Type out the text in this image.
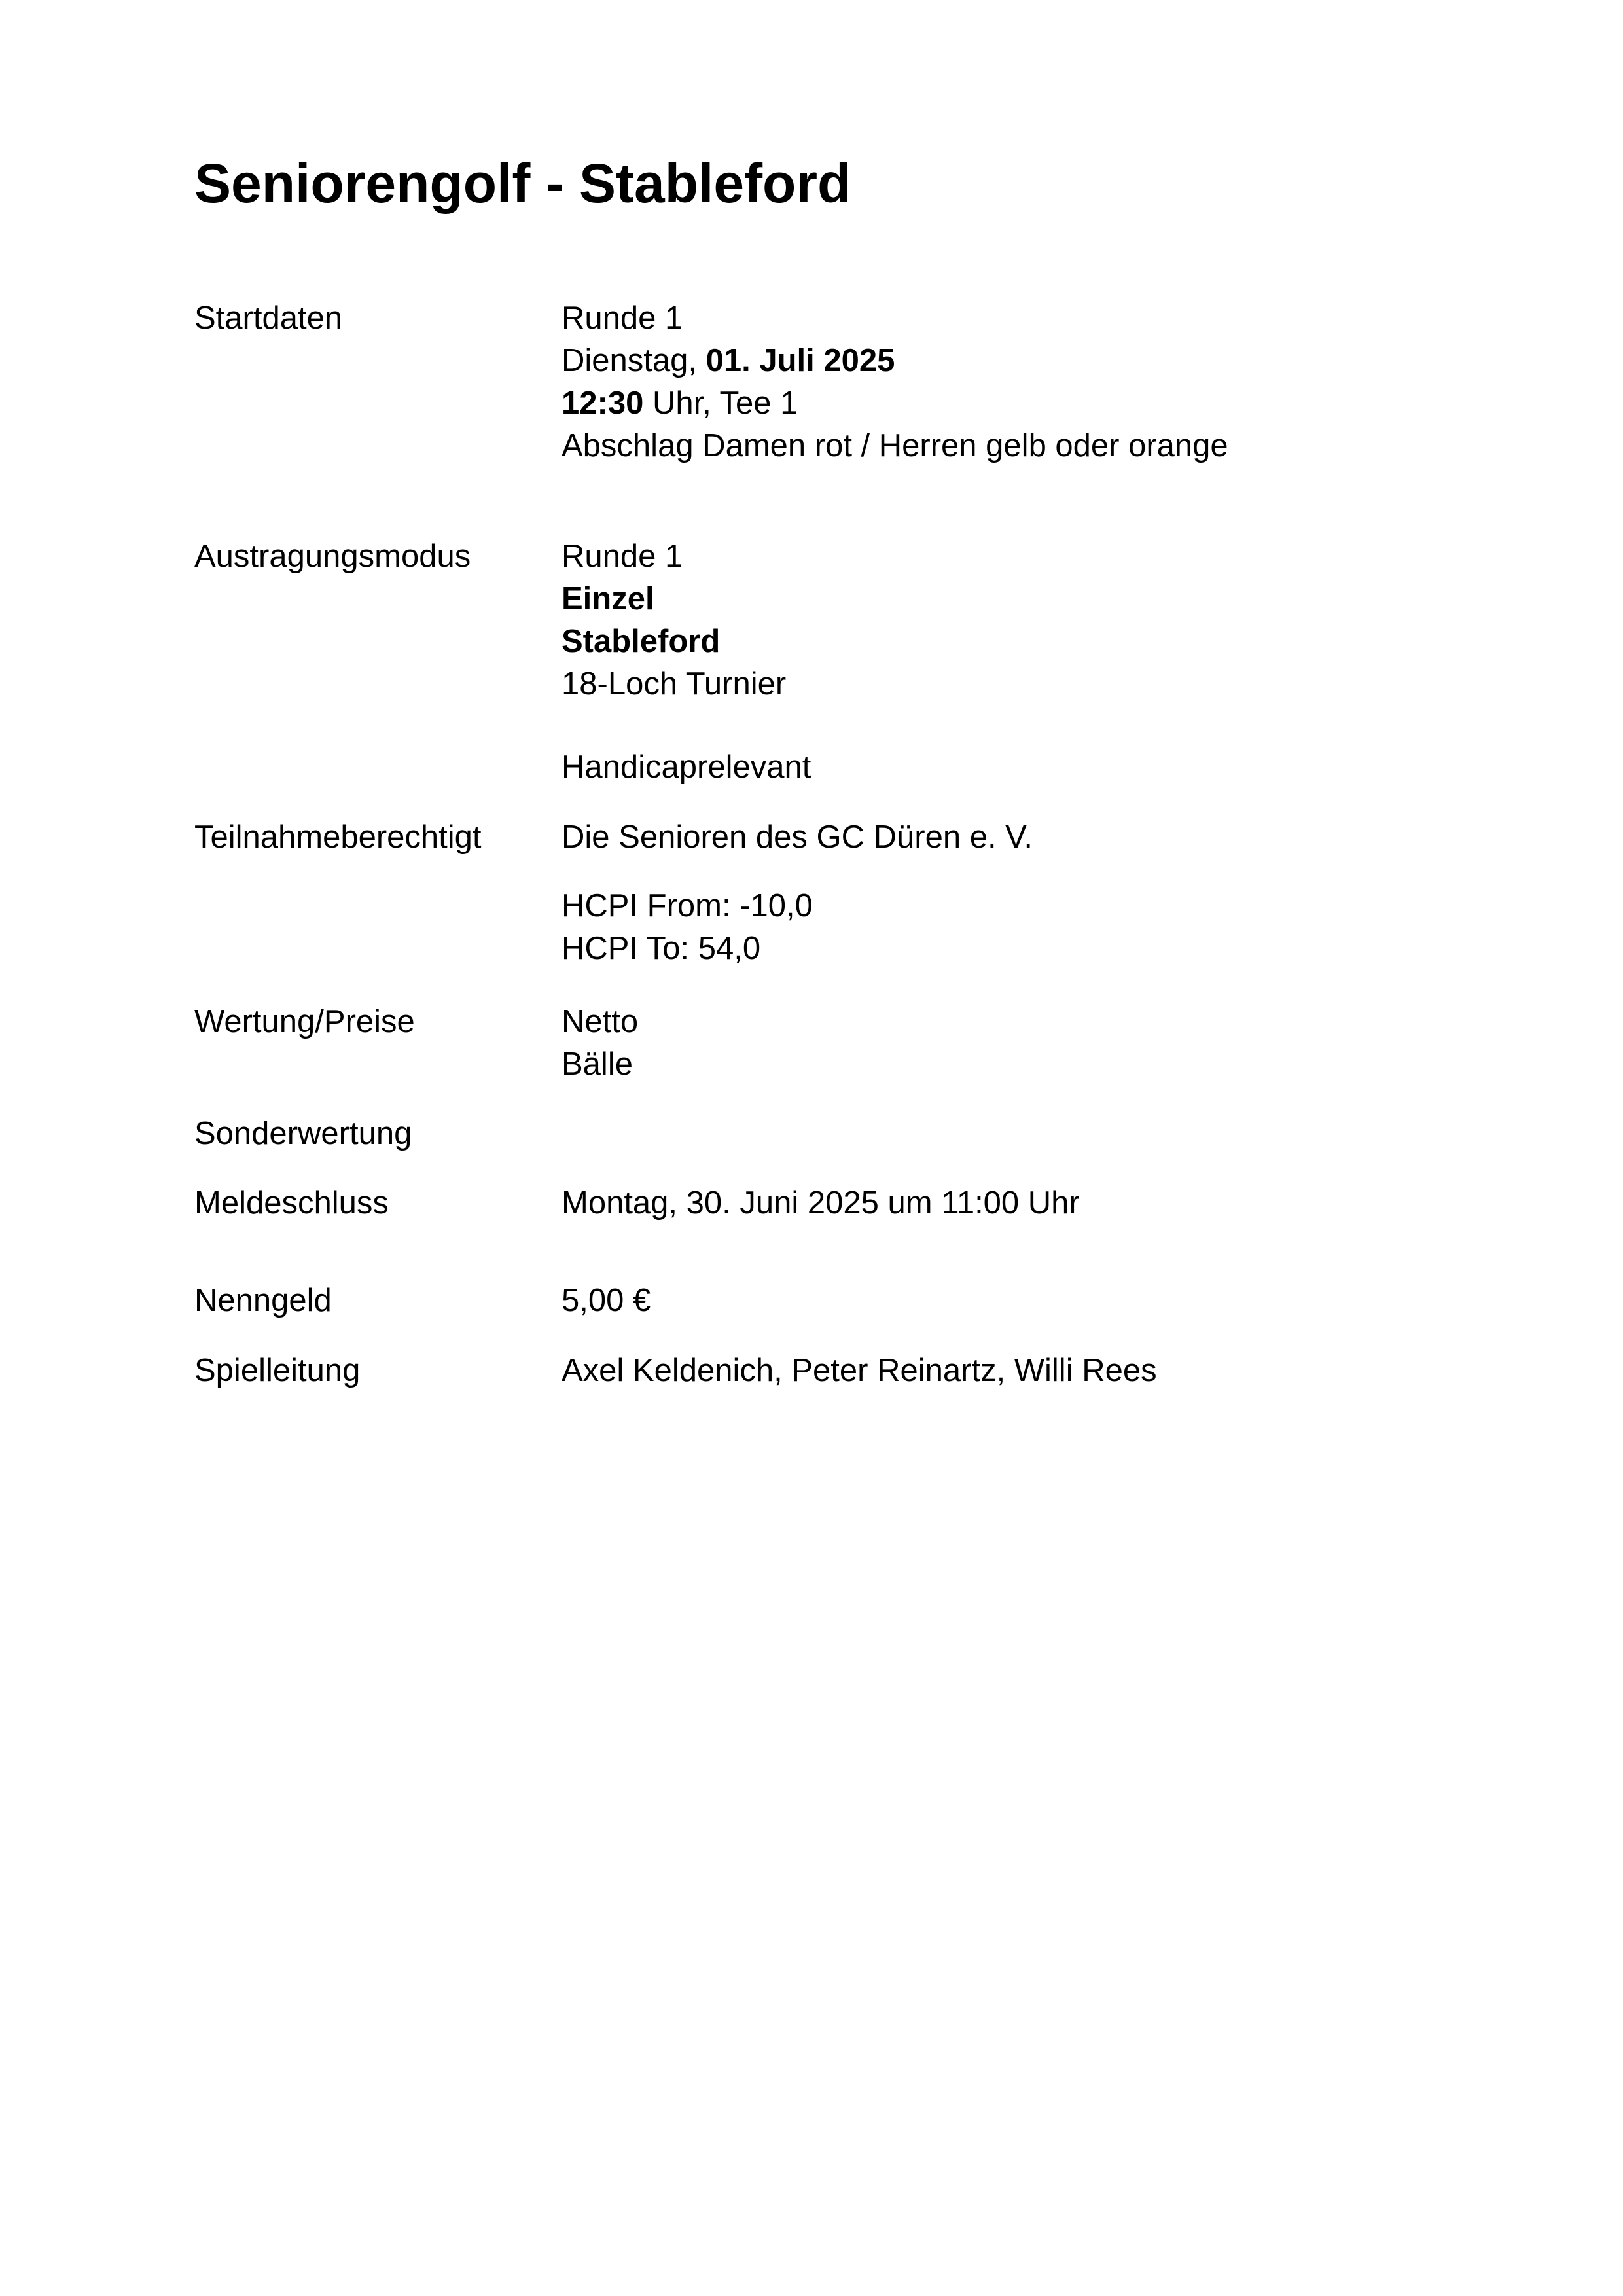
Seniorengolf - Stableford
Startdaten	Runde 1
Dienstag, 01. Juli 2025
12:30 Uhr, Tee 1
Abschlag Damen rot / Herren gelb oder orange
Austragungsmodus	Runde 1
Einzel
Stableford
18-Loch Turnier
Handicaprelevant
Teilnahmeberechtigt Die Senioren des GC Düren e. V.
HCPI From: -10,0
HCPI To: 54,0
Wertung/Preise	Netto
Bälle
Sonderwertung
Meldeschluss	Montag, 30. Juni 2025 um 11:00 Uhr
Nenngeld	5,00 €
Spielleitung	Axel Keldenich, Peter Reinartz, Willi Rees
